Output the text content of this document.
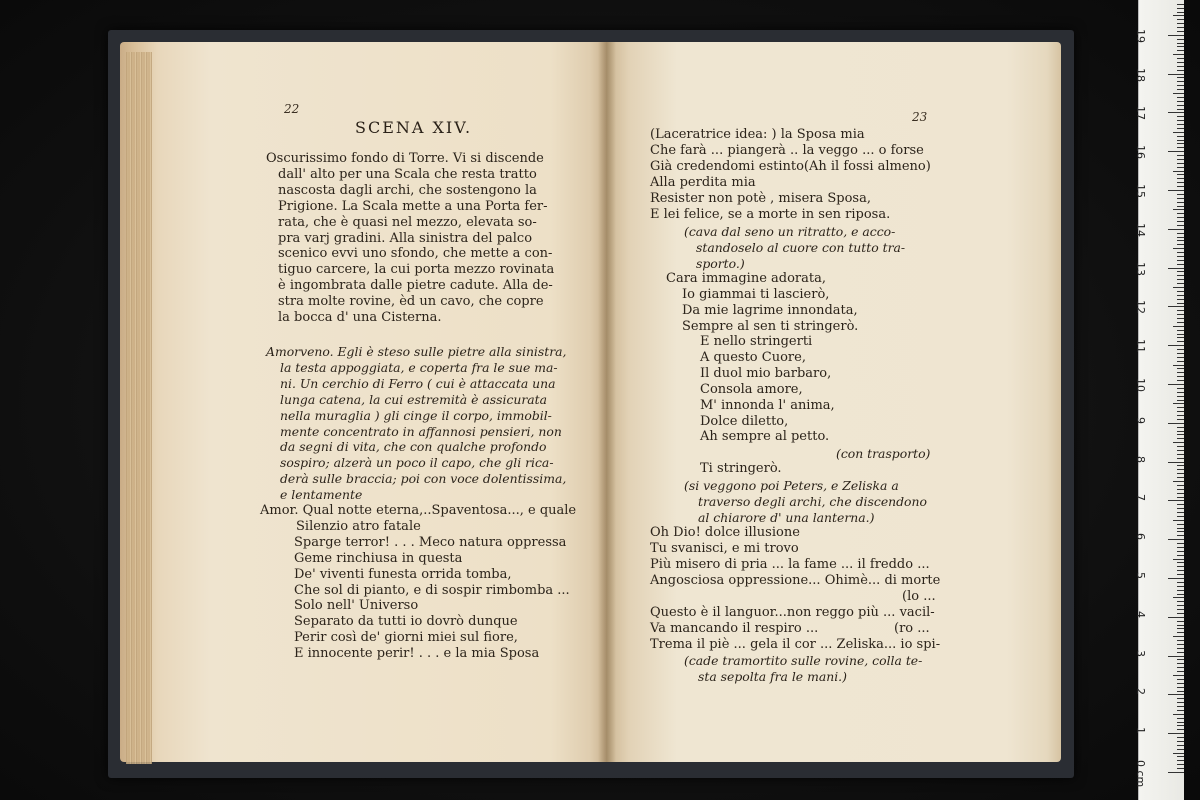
22
SCENA XIV.
Oscurissimo fondo di Torre. Vi si discende
dall' alto per una Scala che resta tratto
nascosta dagli archi, che sostengono la
Prigione. La Scala mette a una Porta fer-
rata, che è quasi nel mezzo, elevata so-
pra varj gradini. Alla sinistra del palco
scenico evvi uno sfondo, che mette a con-
tiguo carcere, la cui porta mezzo rovinata
è ingombrata dalle pietre cadute. Alla de-
stra molte rovine, èd un cavo, che copre
la bocca d' una Cisterna.
Amorveno. Egli è steso sulle pietre alla sinistra,
la testa appoggiata, e coperta fra le sue ma-
ni. Un cerchio di Ferro ( cui è attaccata una
lunga catena, la cui estremità è assicurata
nella muraglia ) gli cinge il corpo, immobil-
mente concentrato in affannosi pensieri, non
da segni di vita, che con qualche profondo
sospiro; alzerà un poco il capo, che gli rica-
derà sulle braccia; poi con voce dolentissima,
e lentamente
Amor. Qual notte eterna,..Spaventosa..., e quale
Silenzio atro fatale
Sparge terror! . . . Meco natura oppressa
Geme rinchiusa in questa
De' viventi funesta orrida tomba,
Che sol di pianto, e di sospir rimbomba ...
Solo nell' Universo
Separato da tutti io dovrò dunque
Perir così de' giorni miei sul fiore,
E innocente perir! . . . e la mia Sposa
23
(Laceratrice idea: ) la Sposa mia
Che farà ... piangerà .. la veggo ... o forse
Già credendomi estinto(Ah il fossi almeno)
Alla perdita mia
Resister non potè , misera Sposa,
E lei felice, se a morte in sen riposa.
(cava dal seno un ritratto, e acco-
standoselo al cuore con tutto tra-
sporto.)
Cara immagine adorata,
Io giammai ti lascierò,
Da mie lagrime innondata,
Sempre al sen ti stringerò.
E nello stringerti
A questo Cuore,
Il duol mio barbaro,
Consola amore,
M' innonda l' anima,
Dolce diletto,
Ah sempre al petto.
(con trasporto)
Ti stringerò.
(si veggono poi Peters, e Zeliska a
traverso degli archi, che discendono
al chiarore d' una lanterna.)
Oh Dio! dolce illusione
Tu svanisci, e mi trovo
Più misero di pria ... la fame ... il freddo ...
Angosciosa oppressione... Ohimè... di morte
(lo ...
Questo è il languor...non reggo più ... vacil-
Va mancando il respiro ...	(ro ...
Trema il piè ... gela il cor ... Zeliska... io spi-
(cade tramortito sulle rovine, colla te-
sta sepolta fra le mani.)
0 cm
1
2
3
4
5
6
7
8
9
10
11
12
13
14
15
16
17
18
19
